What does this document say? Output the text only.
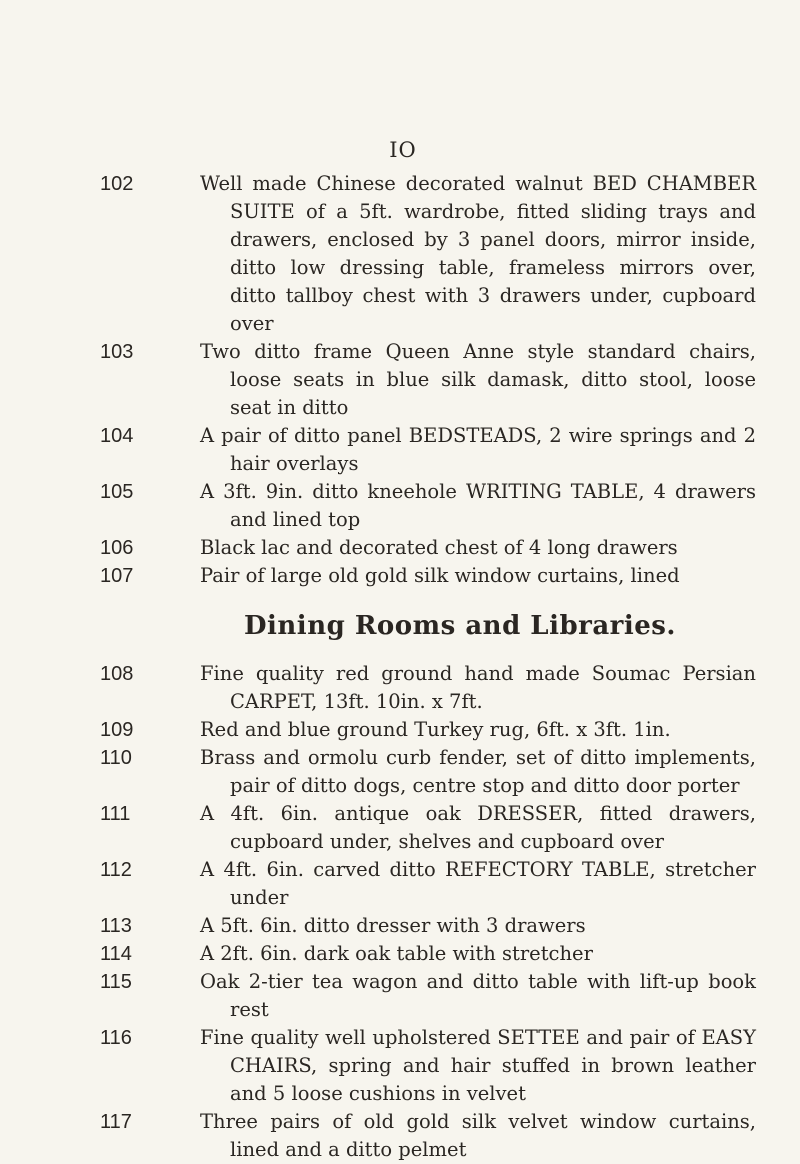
IO
102	Well made Chinese decorated walnut BED CHAMBER SUITE of a 5ft. wardrobe, fitted sliding trays and drawers, enclosed by 3 panel doors, mirror inside, ditto low dressing table, frameless mirrors over, ditto tallboy chest with 3 drawers under, cupboard over
103	Two ditto frame Queen Anne style standard chairs, loose seats in blue silk damask, ditto stool, loose seat in ditto
104	A pair of ditto panel BEDSTEADS, 2 wire springs and 2 hair overlays
105	A 3ft. 9in. ditto kneehole WRITING TABLE, 4 drawers and lined top
106	Black lac and decorated chest of 4 long drawers
107	Pair of large old gold silk window curtains, lined
Dining Rooms and Libraries.
108	Fine quality red ground hand made Soumac Persian CARPET, 13ft. 10in. x 7ft.
109	Red and blue ground Turkey rug, 6ft. x 3ft. 1in.
110	Brass and ormolu curb fender, set of ditto implements, pair of ditto dogs, centre stop and ditto door porter
111	A 4ft. 6in. antique oak DRESSER, fitted drawers, cupboard under, shelves and cupboard over
112	A 4ft. 6in. carved ditto REFECTORY TABLE, stretcher under
113	A 5ft. 6in. ditto dresser with 3 drawers
114	A 2ft. 6in. dark oak table with stretcher
115	Oak 2-tier tea wagon and ditto table with lift-up book rest
116	Fine quality well upholstered SETTEE and pair of EASY CHAIRS, spring and hair stuffed in brown leather and 5 loose cushions in velvet
117	Three pairs of old gold silk velvet window curtains, lined and a ditto pelmet
